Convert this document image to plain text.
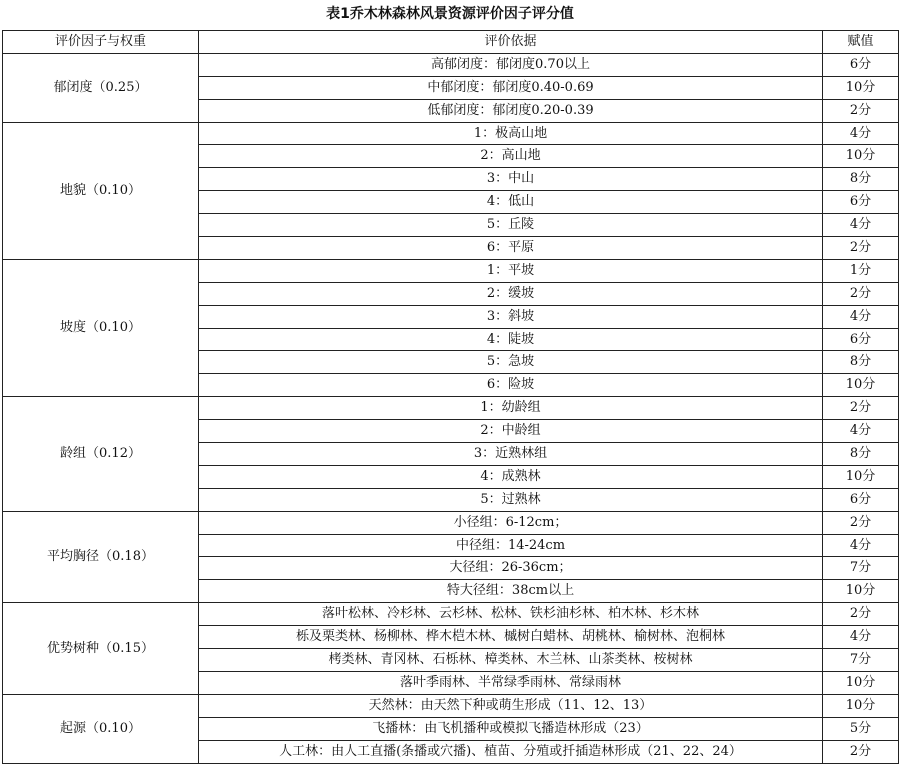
表1乔木林森林风景资源评价因子评分值
评价因子与权重	评价依据	赋值
郁闭度（0.25）	高郁闭度：郁闭度0.70以上	6分
	中郁闭度：郁闭度0.40-0.69	10分
	低郁闭度：郁闭度0.20-0.39	2分
地貌（0.10）	1：极高山地	4分
	2：高山地	10分
	3：中山	8分
	4：低山	6分
	5：丘陵	4分
	6：平原	2分
坡度（0.10）	1：平坡	1分
	2：缓坡	2分
	3：斜坡	4分
	4：陡坡	6分
	5：急坡	8分
	6：险坡	10分
龄组（0.12）	1：幼龄组	2分
	2：中龄组	4分
	3：近熟林组	8分
	4：成熟林	10分
	5：过熟林	6分
平均胸径（0.18）	小径组：6-12cm；	2分
	中径组：14-24cm	4分
	大径组：26-36cm；	7分
	特大径组：38cm以上	10分
优势树种（0.15）	落叶松林、冷杉林、云杉林、松林、铁杉油杉林、柏木林、杉木林	2分
	栎及栗类林、杨柳林、桦木桤木林、槭树白蜡林、胡桃林、榆树林、泡桐林	4分
	栲类林、青冈林、石栎林、樟类林、木兰林、山茶类林、桉树林	7分
	落叶季雨林、半常绿季雨林、常绿雨林	10分
起源（0.10）	天然林：由天然下种或萌生形成（11、12、13）	10分
	飞播林：由飞机播种或模拟飞播造林形成（23）	5分
	人工林：由人工直播(条播或穴播)、植苗、分殖或扦插造林形成（21、22、24）	2分
